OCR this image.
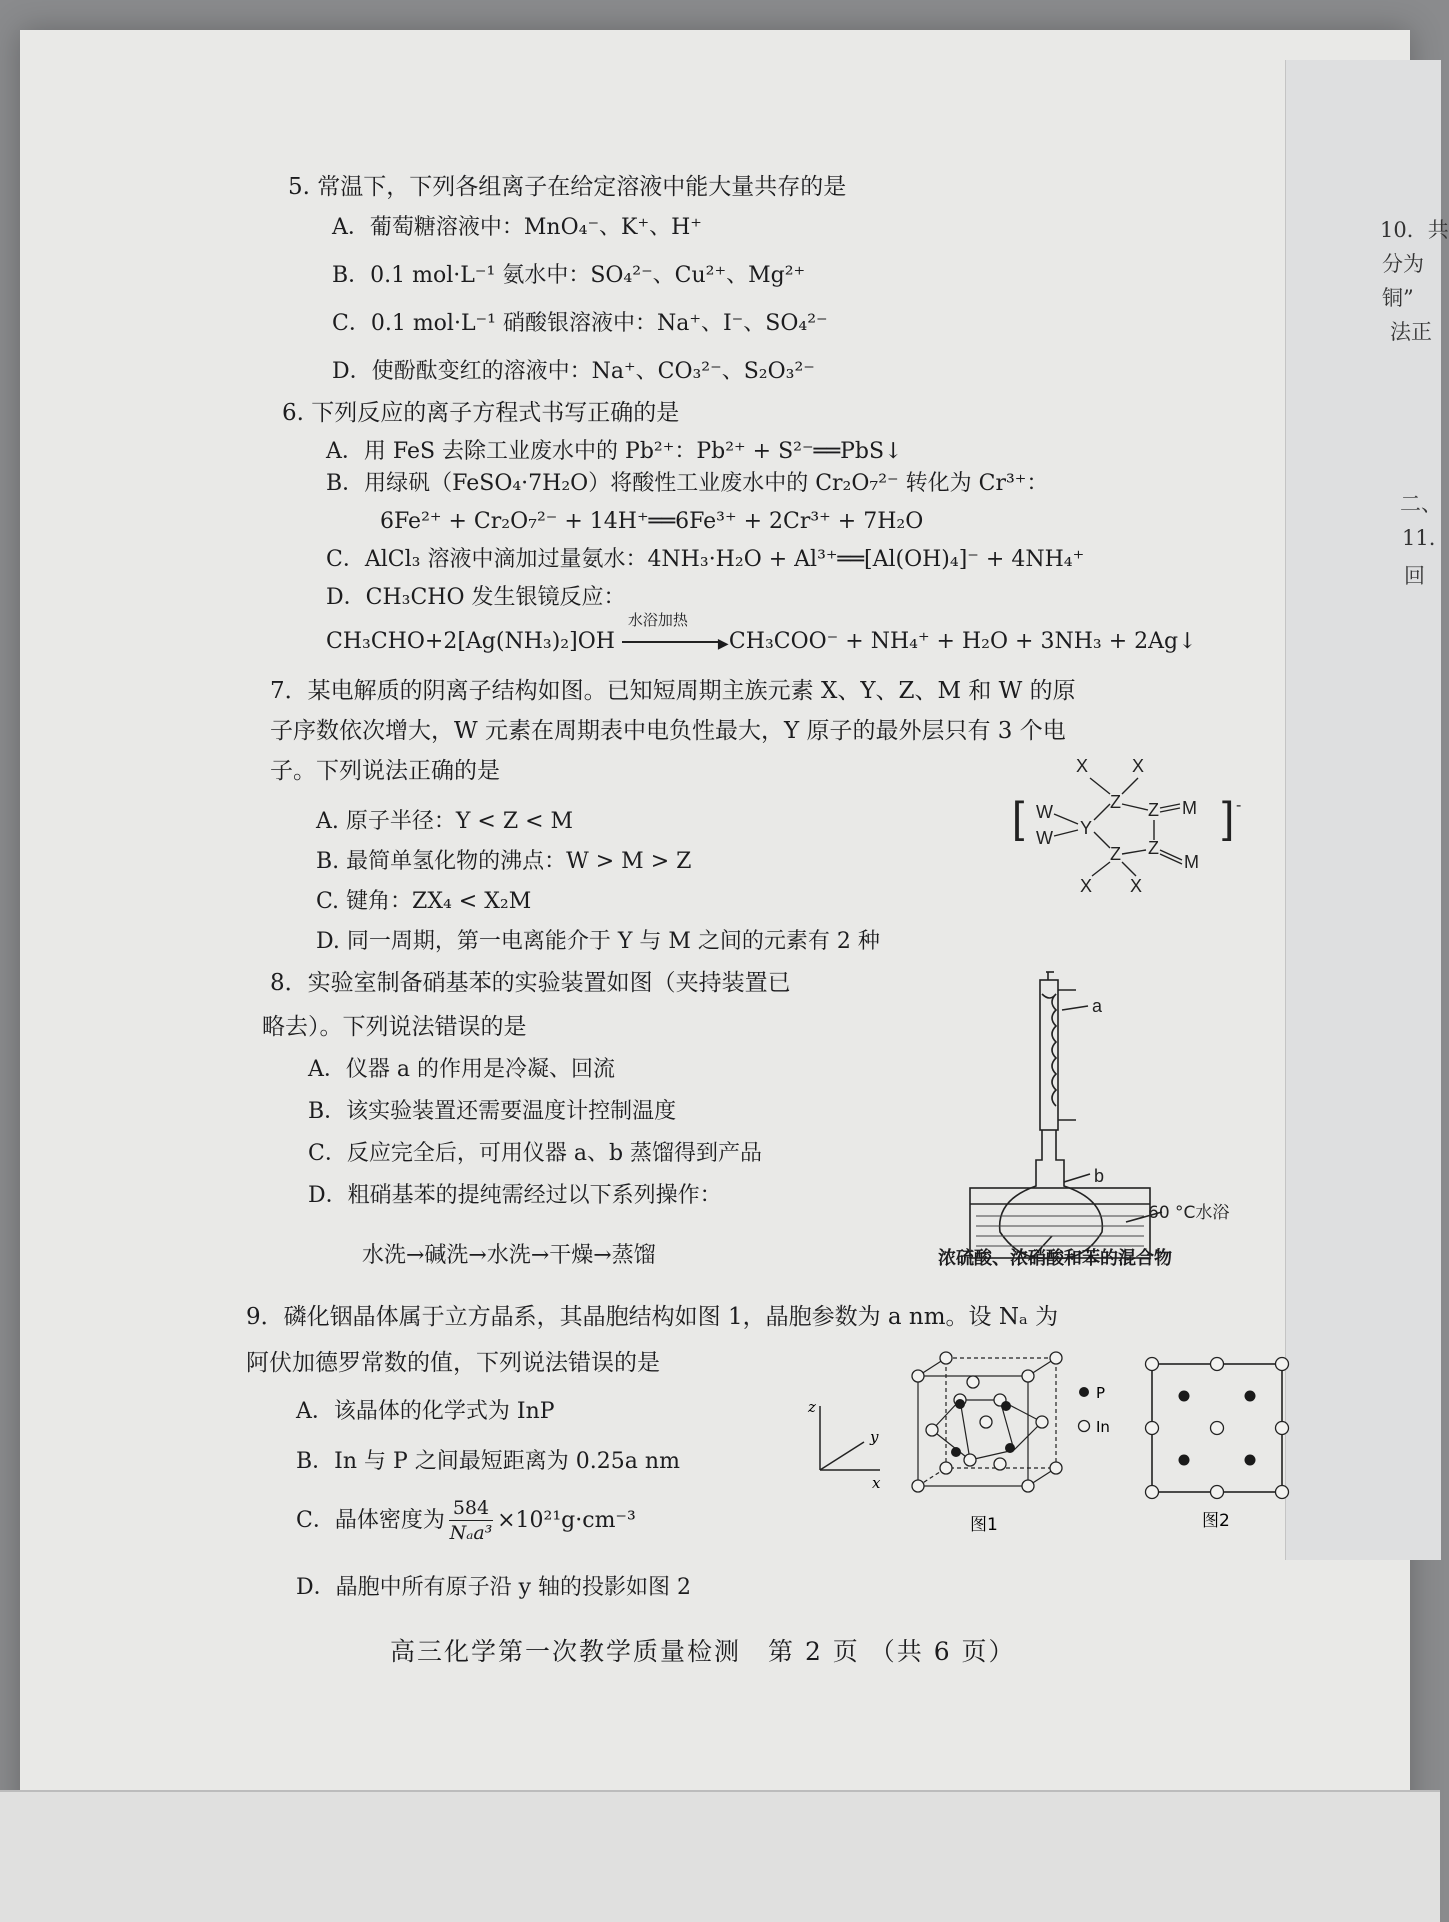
10．共
分为
铜”
法正
二、
11.
回
5. 常温下，下列各组离子在给定溶液中能大量共存的是
A．葡萄糖溶液中：MnO₄⁻、K⁺、H⁺
B．0.1 mol·L⁻¹ 氨水中：SO₄²⁻、Cu²⁺、Mg²⁺
C．0.1 mol·L⁻¹ 硝酸银溶液中：Na⁺、I⁻、SO₄²⁻
D．使酚酞变红的溶液中：Na⁺、CO₃²⁻、S₂O₃²⁻
6. 下列反应的离子方程式书写正确的是
A．用 FeS 去除工业废水中的 Pb²⁺：Pb²⁺ + S²⁻══PbS↓
B．用绿矾（FeSO₄·7H₂O）将酸性工业废水中的 Cr₂O₇²⁻ 转化为 Cr³⁺：
6Fe²⁺ + Cr₂O₇²⁻ + 14H⁺══6Fe³⁺ + 2Cr³⁺ + 7H₂O
C．AlCl₃ 溶液中滴加过量氨水：4NH₃·H₂O + Al³⁺══[Al(OH)₄]⁻ + 4NH₄⁺
D．CH₃CHO 发生银镜反应：
CH₃CHO+2[Ag(NH₃)₂]OH
水浴加热
▶ CH₃COO⁻ + NH₄⁺ + H₂O + 3NH₃ + 2Ag↓
7．某电解质的阴离子结构如图。已知短周期主族元素 X、Y、Z、M 和 W 的原
子序数依次增大，W 元素在周期表中电负性最大，Y 原子的最外层只有 3 个电
子。下列说法正确的是
A. 原子半径：Y < Z < M
B. 最简单氢化物的沸点：W > M > Z
C. 键角：ZX₄ < X₂M
D. 同一周期，第一电离能介于 Y 与 M 之间的元素有 2 种
[	] -
X X
Z Z M
W
W Y
Z Z
M
X X
8．实验室制备硝基苯的实验装置如图（夹持装置已
略去）。下列说法错误的是
A．仪器 a 的作用是冷凝、回流
B．该实验装置还需要温度计控制温度
C．反应完全后，可用仪器 a、b 蒸馏得到产品
D．粗硝基苯的提纯需经过以下系列操作：
水洗→碱洗→水洗→干燥→蒸馏
a
b
60 °C水浴
浓硫酸、浓硝酸和苯的混合物
9．磷化铟晶体属于立方晶系，其晶胞结构如图 1，晶胞参数为 a nm。设 Nₐ 为
阿伏加德罗常数的值，下列说法错误的是
A．该晶体的化学式为 InP
B．In 与 P 之间最短距离为 0.25a nm
C．晶体密度为 584
Nₐa³
×10²¹g·cm⁻³
D．晶胞中所有原子沿 y 轴的投影如图 2
z
y
x
P
In
图1	图2
高三化学第一次教学质量检测　第 2 页 （共 6 页）
